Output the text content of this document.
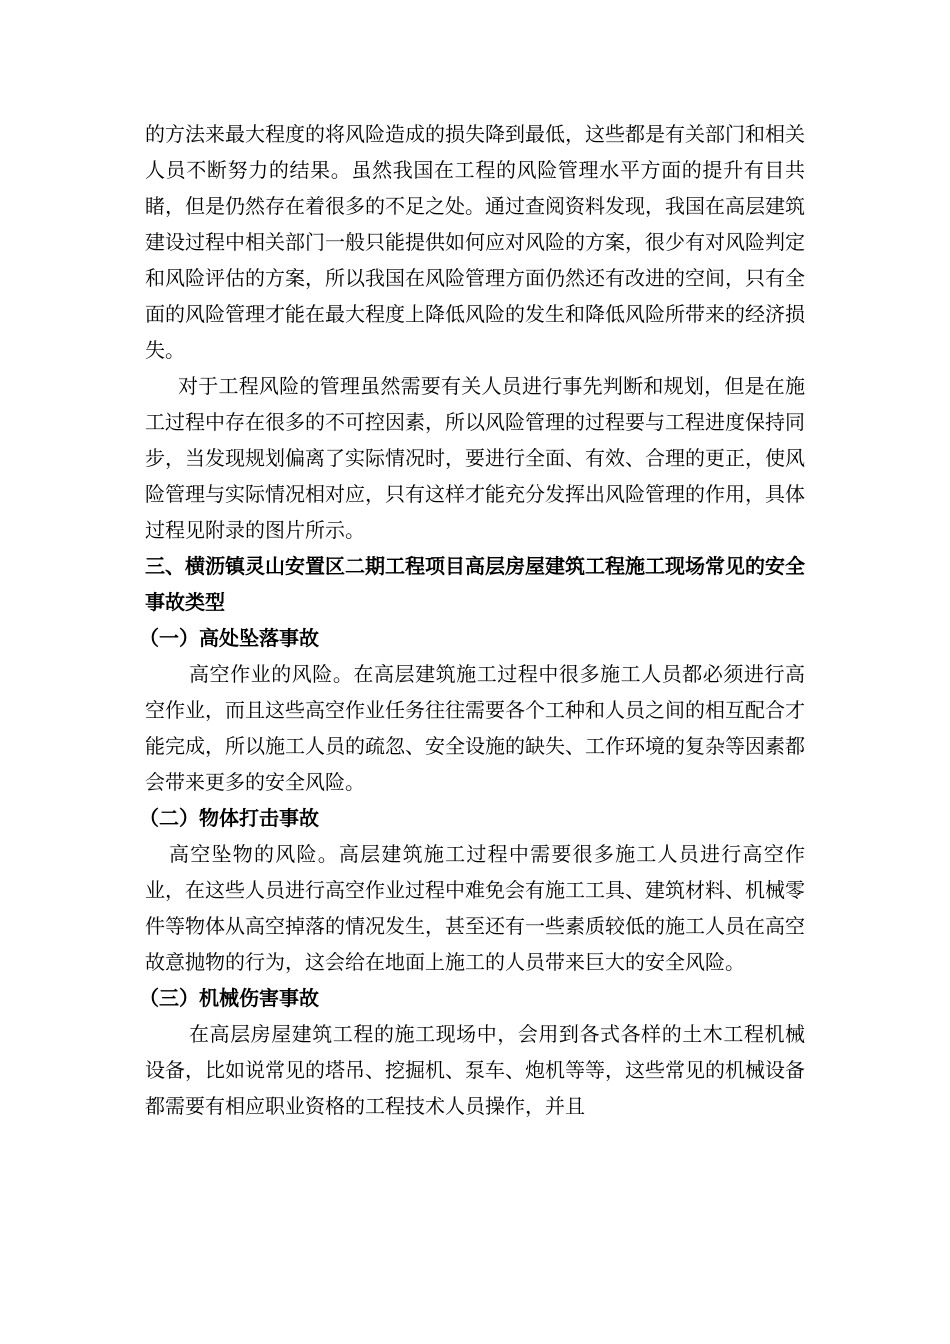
的方法来最大程度的将风险造成的损失降到最低，这些都是有关部门和相关人员不断努力的结果。虽然我国在工程的风险管理水平方面的提升有目共睹，但是仍然存在着很多的不足之处。通过查阅资料发现，我国在高层建筑建设过程中相关部门一般只能提供如何应对风险的方案，很少有对风险判定和风险评估的方案，所以我国在风险管理方面仍然还有改进的空间，只有全面的风险管理才能在最大程度上降低风险的发生和降低风险所带来的经济损失。

对于工程风险的管理虽然需要有关人员进行事先判断和规划，但是在施工过程中存在很多的不可控因素，所以风险管理的过程要与工程进度保持同步，当发现规划偏离了实际情况时，要进行全面、有效、合理的更正，使风险管理与实际情况相对应，只有这样才能充分发挥出风险管理的作用，具体过程见附录的图片所示。

三、横沥镇灵山安置区二期工程项目高层房屋建筑工程施工现场常见的安全事故类型

（一）高处坠落事故

高空作业的风险。在高层建筑施工过程中很多施工人员都必须进行高空作业，而且这些高空作业任务往往需要各个工种和人员之间的相互配合才能完成，所以施工人员的疏忽、安全设施的缺失、工作环境的复杂等因素都会带来更多的安全风险。

（二）物体打击事故

高空坠物的风险。高层建筑施工过程中需要很多施工人员进行高空作业，在这些人员进行高空作业过程中难免会有施工工具、建筑材料、机械零件等物体从高空掉落的情况发生，甚至还有一些素质较低的施工人员在高空故意抛物的行为，这会给在地面上施工的人员带来巨大的安全风险。

（三）机械伤害事故

在高层房屋建筑工程的施工现场中，会用到各式各样的土木工程机械设备，比如说常见的塔吊、挖掘机、泵车、炮机等等，这些常见的机械设备都需要有相应职业资格的工程技术人员操作，并且
